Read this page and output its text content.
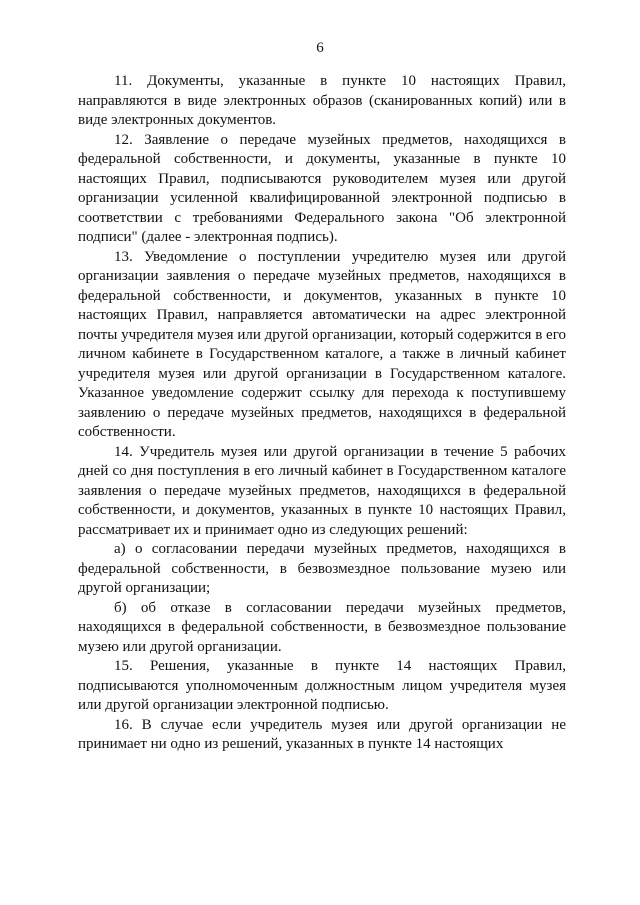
6

11. Документы, указанные в пункте 10 настоящих Правил, направляются в виде электронных образов (сканированных копий) или в виде электронных документов.

12. Заявление о передаче музейных предметов, находящихся в федеральной собственности, и документы, указанные в пункте 10 настоящих Правил, подписываются руководителем музея или другой организации усиленной квалифицированной электронной подписью в соответствии с требованиями Федерального закона "Об электронной подписи" (далее - электронная подпись).

13. Уведомление о поступлении учредителю музея или другой организации заявления о передаче музейных предметов, находящихся в федеральной собственности, и документов, указанных в пункте 10 настоящих Правил, направляется автоматически на адрес электронной почты учредителя музея или другой организации, который содержится в его личном кабинете в Государственном каталоге, а также в личный кабинет учредителя музея или другой организации в Государственном каталоге. Указанное уведомление содержит ссылку для перехода к поступившему заявлению о передаче музейных предметов, находящихся в федеральной собственности.

14. Учредитель музея или другой организации в течение 5 рабочих дней со дня поступления в его личный кабинет в Государственном каталоге заявления о передаче музейных предметов, находящихся в федеральной собственности, и документов, указанных в пункте 10 настоящих Правил, рассматривает их и принимает одно из следующих решений:

а) о согласовании передачи музейных предметов, находящихся в федеральной собственности, в безвозмездное пользование музею или другой организации;

б) об отказе в согласовании передачи музейных предметов, находящихся в федеральной собственности, в безвозмездное пользование музею или другой организации.

15. Решения, указанные в пункте 14 настоящих Правил, подписываются уполномоченным должностным лицом учредителя музея или другой организации электронной подписью.

16. В случае если учредитель музея или другой организации не принимает ни одно из решений, указанных в пункте 14 настоящих
